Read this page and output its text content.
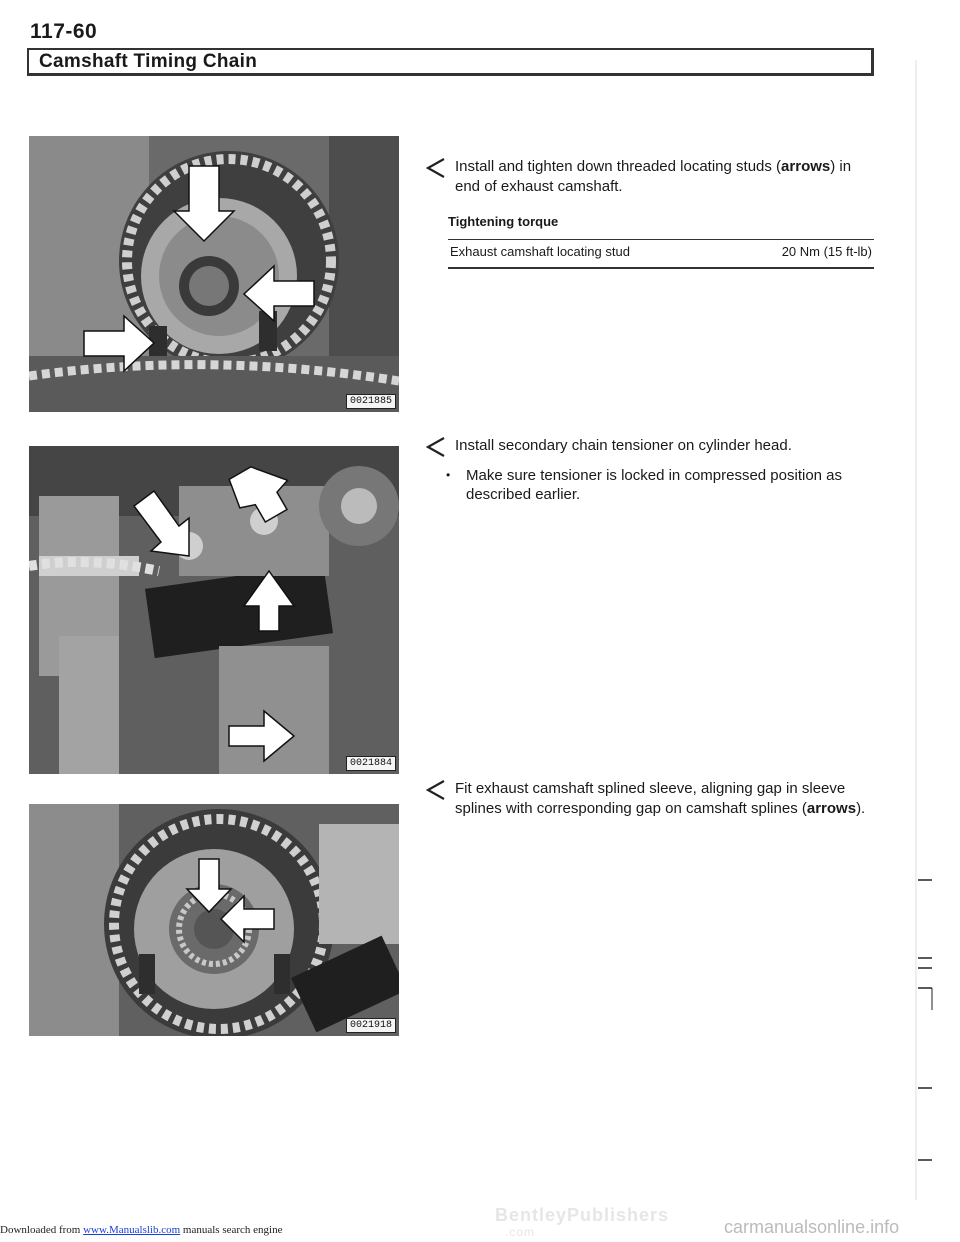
117-60
Camshaft Timing Chain
0021885
0021884
0021918
Install and tighten down threaded locating studs (arrows) in end of exhaust camshaft.
Tightening torque
Exhaust camshaft locating stud	20 Nm (15 ft-lb)
Install secondary chain tensioner on cylinder head.
•	Make sure tensioner is locked in compressed position as described earlier.
Fit exhaust camshaft splined sleeve, aligning gap in sleeve splines with corresponding gap on camshaft splines (arrows).
Downloaded from www.Manualslib.com manuals search engine
BentleyPublishers
.com	carmanualsonline.info
